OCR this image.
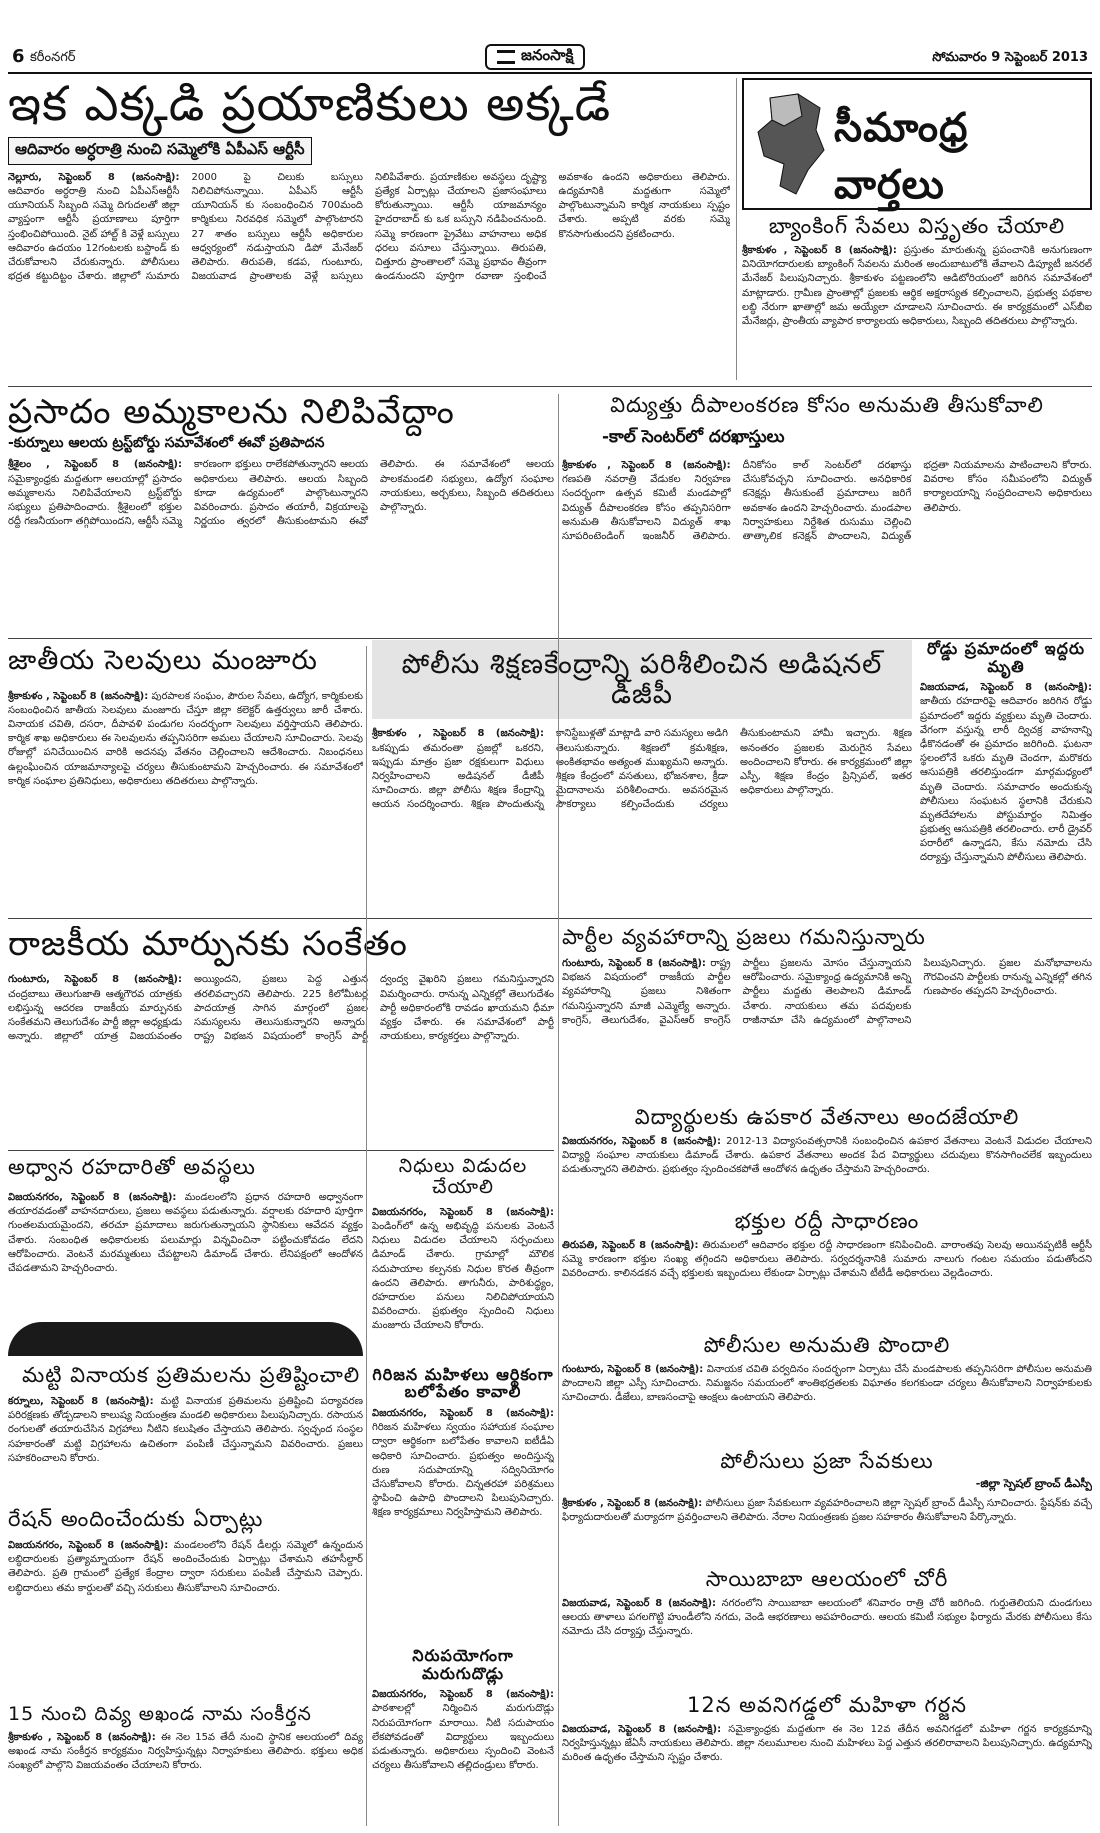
6 కరీంనగర్	జనంసాక్షి	సోమవారం 9 సెప్టెంబర్ 2013
ఇక ఎక్కడి ప్రయాణికులు అక్కడే
ఆదివారం అర్ధరాత్రి నుంచి సమ్మెలోకి ఏపీఎస్ ఆర్టీసీ
నెల్లూరు, సెప్టెంబర్ 8 (జనంసాక్షి): ఆదివారం అర్ధరాత్రి నుంచి ఏపీఎస్‌ఆర్టీసీ యూనియన్ సిబ్బంది సమ్మె దిగుదలతో జిల్లా వ్యాప్తంగా ఆర్టీసీ ప్రయాణాలు పూర్తిగా స్తంభించిపోయింది. నైట్ హాల్ట్ కి వెళ్లే బస్సులు ఆదివారం ఉదయం 12గంటలకు బస్టాండ్ కు చేరుకోవాలని చేరుకున్నారు. పోలీసులు భద్రత కట్టుదిట్టం చేశారు. జిల్లాలో సుమారు 2000 పై చిలుకు బస్సులు నిలిచిపోనున్నాయి. ఏపీఎస్ ఆర్టీసీ యూనియన్ కు సంబంధించిన 700మంది కార్మికులు నిరవధిక సమ్మెలో పాల్గొంటారని 27 శాతం బస్సులు ఆర్టీసీ అధికారుల ఆధ్వర్యంలో నడుస్తాయని డిపో మేనేజర్ తెలిపారు. తిరుపతి, కడప, గుంటూరు, విజయవాడ ప్రాంతాలకు వెళ్లే బస్సులు నిలిపివేశారు. ప్రయాణికుల అవస్థలు దృష్ట్యా ప్రత్యేక ఏర్పాట్లు చేయాలని ప్రజాసంఘాలు కోరుతున్నాయి. ఆర్టీసీ యాజమాన్యం హైదరాబాద్ కు ఒక బస్సుని నడిపించనుంది. సమ్మె కారణంగా ప్రైవేటు వాహనాలు అధిక ధరలు వసూలు చేస్తున్నాయి. తిరుపతి, చిత్తూరు ప్రాంతాలలో సమ్మె ప్రభావం తీవ్రంగా ఉండనుందని పూర్తిగా రవాణా స్తంభించే అవకాశం ఉందని అధికారులు తెలిపారు. ఉద్యమానికి మద్దతుగా సమ్మెలో పాల్గొంటున్నామని కార్మిక నాయకులు స్పష్టం చేశారు. అప్పటి వరకు సమ్మె కొనసాగుతుందని ప్రకటించారు.
సీమాంధ్ర వార్తలు
బ్యాంకింగ్ సేవలు విస్తృతం చేయాలి
శ్రీకాకుళం , సెప్టెంబర్ 8 (జనంసాక్షి): ప్రస్తుతం మారుతున్న ప్రపంచానికి అనుగుణంగా వినియోగదారులకు బ్యాంకింగ్ సేవలను మరింత అందుబాటులోకి తేవాలని డిప్యూటీ జనరల్ మేనేజర్ పిలుపునిచ్చారు. శ్రీకాకుళం పట్టణంలోని ఆడిటోరియంలో జరిగిన సమావేశంలో మాట్లాడారు. గ్రామీణ ప్రాంతాల్లో ప్రజలకు ఆర్థిక అక్షరాస్యత కల్పించాలని, ప్రభుత్వ పథకాల లబ్ధి నేరుగా ఖాతాల్లో జమ అయ్యేలా చూడాలని సూచించారు. ఈ కార్యక్రమంలో ఎస్‌బీఐ మేనేజర్లు, ప్రాంతీయ వ్యాపార కార్యాలయ అధికారులు, సిబ్బంది తదితరులు పాల్గొన్నారు.
ప్రసాదం అమ్మకాలను నిలిపివేద్దాం
-కుర్నూలు ఆలయ ట్రస్ట్‌బోర్డు సమావేశంలో ఈవో ప్రతిపాదన
శ్రీశైలం , సెప్టెంబర్ 8 (జనంసాక్షి): సమైక్యాంధ్రకు మద్దతుగా ఆలయాల్లో ప్రసాదం అమ్మకాలను నిలిపివేయాలని ట్రస్ట్‌బోర్డు సభ్యులు ప్రతిపాదించారు. శ్రీశైలంలో భక్తుల రద్దీ గణనీయంగా తగ్గిపోయిందని, ఆర్టీసీ సమ్మె కారణంగా భక్తులు రాలేకపోతున్నారని ఆలయ అధికారులు తెలిపారు. ఆలయ సిబ్బంది కూడా ఉద్యమంలో పాల్గొంటున్నారని వివరించారు. ప్రసాదం తయారీ, విక్రయాలపై నిర్ణయం త్వరలో తీసుకుంటామని ఈవో తెలిపారు. ఈ సమావేశంలో ఆలయ పాలకమండలి సభ్యులు, ఉద్యోగ సంఘాల నాయకులు, అర్చకులు, సిబ్బంది తదితరులు పాల్గొన్నారు.
విద్యుత్తు దీపాలంకరణ కోసం అనుమతి తీసుకోవాలి
-కాల్ సెంటర్‌లో దరఖాస్తులు
శ్రీకాకుళం , సెప్టెంబర్ 8 (జనంసాక్షి): గణపతి నవరాత్రి వేడుకల నిర్వహణ సందర్భంగా ఉత్సవ కమిటీ మండపాల్లో విద్యుత్ దీపాలంకరణ కోసం తప్పనిసరిగా అనుమతి తీసుకోవాలని విద్యుత్ శాఖ సూపరింటెండింగ్ ఇంజనీర్ తెలిపారు. దీనికోసం కాల్ సెంటర్‌లో దరఖాస్తు చేసుకోవచ్చని సూచించారు. అనధికారిక కనెక్షన్లు తీసుకుంటే ప్రమాదాలు జరిగే అవకాశం ఉందని హెచ్చరించారు. మండపాల నిర్వాహకులు నిర్దేశిత రుసుము చెల్లించి తాత్కాలిక కనెక్షన్ పొందాలని, విద్యుత్ భద్రతా నియమాలను పాటించాలని కోరారు. వివరాల కోసం సమీపంలోని విద్యుత్ కార్యాలయాన్ని సంప్రదించాలని అధికారులు తెలిపారు.
జాతీయ సెలవులు మంజూరు
శ్రీకాకుళం , సెప్టెంబర్ 8 (జనంసాక్షి): పురపాలక సంఘం, పౌరుల సేవలు, ఉద్యోగ, కార్మికులకు సంబంధించిన జాతీయ సెలవులు మంజూరు చేస్తూ జిల్లా కలెక్టర్ ఉత్తర్వులు జారీ చేశారు. వినాయక చవితి, దసరా, దీపావళి పండుగల సందర్భంగా సెలవులు వర్తిస్తాయని తెలిపారు. కార్మిక శాఖ అధికారులు ఈ సెలవులను తప్పనిసరిగా అమలు చేయాలని సూచించారు. సెలవు రోజుల్లో పనిచేయించిన వారికి అదనపు వేతనం చెల్లించాలని ఆదేశించారు. నిబంధనలు ఉల్లంఘించిన యాజమాన్యాలపై చర్యలు తీసుకుంటామని హెచ్చరించారు. ఈ సమావేశంలో కార్మిక సంఘాల ప్రతినిధులు, అధికారులు తదితరులు పాల్గొన్నారు.
పోలీసు శిక్షణకేంద్రాన్ని పరిశీలించిన అడిషనల్ డీజీపీ
శ్రీకాకుళం , సెప్టెంబర్ 8 (జనంసాక్షి): ఒకప్పుడు తమరంతా ప్రజల్లో ఒకరని, ఇప్పుడు మాత్రం ప్రజా రక్షకులుగా విధులు నిర్వహించాలని అడిషనల్ డీజీపీ సూచించారు. జిల్లా పోలీసు శిక్షణ కేంద్రాన్ని ఆయన సందర్శించారు. శిక్షణ పొందుతున్న కానిస్టేబుళ్లతో మాట్లాడి వారి సమస్యలు అడిగి తెలుసుకున్నారు. శిక్షణలో క్రమశిక్షణ, అంకితభావం అత్యంత ముఖ్యమని అన్నారు. శిక్షణ కేంద్రంలో వసతులు, భోజనశాల, క్రీడా మైదానాలను పరిశీలించారు. అవసరమైన సౌకర్యాలు కల్పించేందుకు చర్యలు తీసుకుంటామని హామీ ఇచ్చారు. శిక్షణ అనంతరం ప్రజలకు మెరుగైన సేవలు అందించాలని కోరారు. ఈ కార్యక్రమంలో జిల్లా ఎస్పీ, శిక్షణ కేంద్రం ప్రిన్సిపల్, ఇతర అధికారులు పాల్గొన్నారు.
రోడ్డు ప్రమాదంలో ఇద్దరు మృతి
విజయవాడ, సెప్టెంబర్ 8 (జనంసాక్షి): జాతీయ రహదారిపై ఆదివారం జరిగిన రోడ్డు ప్రమాదంలో ఇద్దరు వ్యక్తులు మృతి చెందారు. వేగంగా వస్తున్న లారీ ద్విచక్ర వాహనాన్ని ఢీకొనడంతో ఈ ప్రమాదం జరిగింది. ఘటనా స్థలంలోనే ఒకరు మృతి చెందగా, మరొకరు ఆసుపత్రికి తరలిస్తుండగా మార్గమధ్యంలో మృతి చెందారు. సమాచారం అందుకున్న పోలీసులు సంఘటన స్థలానికి చేరుకుని మృతదేహాలను పోస్టుమార్టం నిమిత్తం ప్రభుత్వ ఆసుపత్రికి తరలించారు. లారీ డ్రైవర్ పరారీలో ఉన్నాడని, కేసు నమోదు చేసి దర్యాప్తు చేస్తున్నామని పోలీసులు తెలిపారు.
రాజకీయ మార్పునకు సంకేతం
గుంటూరు, సెప్టెంబర్ 8 (జనంసాక్షి): చంద్రబాబు తెలుగుజాతి ఆత్మగౌరవ యాత్రకు లభిస్తున్న ఆదరణ రాజకీయ మార్పునకు సంకేతమని తెలుగుదేశం పార్టీ జిల్లా అధ్యక్షుడు అన్నారు. జిల్లాలో యాత్ర విజయవంతం అయ్యిందని, ప్రజలు పెద్ద ఎత్తున తరలివచ్చారని తెలిపారు. 225 కిలోమీటర్ల పాదయాత్ర సాగిన మార్గంలో ప్రజల సమస్యలను తెలుసుకున్నారని అన్నారు. రాష్ట్ర విభజన విషయంలో కాంగ్రెస్ పార్టీ ద్వంద్వ వైఖరిని ప్రజలు గమనిస్తున్నారని విమర్శించారు. రానున్న ఎన్నికల్లో తెలుగుదేశం పార్టీ అధికారంలోకి రావడం ఖాయమని ధీమా వ్యక్తం చేశారు. ఈ సమావేశంలో పార్టీ నాయకులు, కార్యకర్తలు పాల్గొన్నారు.
పార్టీల వ్యవహారాన్ని ప్రజలు గమనిస్తున్నారు
గుంటూరు, సెప్టెంబర్ 8 (జనంసాక్షి): రాష్ట్ర విభజన విషయంలో రాజకీయ పార్టీల వ్యవహారాన్ని ప్రజలు నిశితంగా గమనిస్తున్నారని మాజీ ఎమ్మెల్యే అన్నారు. కాంగ్రెస్, తెలుగుదేశం, వైఎస్‌ఆర్ కాంగ్రెస్ పార్టీలు ప్రజలను మోసం చేస్తున్నాయని ఆరోపించారు. సమైక్యాంధ్ర ఉద్యమానికి అన్ని పార్టీలు మద్దతు తెలపాలని డిమాండ్ చేశారు. నాయకులు తమ పదవులకు రాజీనామా చేసి ఉద్యమంలో పాల్గొనాలని పిలుపునిచ్చారు. ప్రజల మనోభావాలను గౌరవించని పార్టీలకు రానున్న ఎన్నికల్లో తగిన గుణపాఠం తప్పదని హెచ్చరించారు.
విద్యార్థులకు ఉపకార వేతనాలు అందజేయాలి
విజయనగరం, సెప్టెంబర్ 8 (జనంసాక్షి): 2012-13 విద్యాసంవత్సరానికి సంబంధించిన ఉపకార వేతనాలు వెంటనే విడుదల చేయాలని విద్యార్థి సంఘాల నాయకులు డిమాండ్ చేశారు. ఉపకార వేతనాలు అందక పేద విద్యార్థులు చదువులు కొనసాగించలేక ఇబ్బందులు పడుతున్నారని తెలిపారు. ప్రభుత్వం స్పందించకపోతే ఆందోళన ఉధృతం చేస్తామని హెచ్చరించారు.
అధ్వాన రహదారితో అవస్థలు
విజయనగరం, సెప్టెంబర్ 8 (జనంసాక్షి): మండలంలోని ప్రధాన రహదారి అధ్వానంగా తయారవడంతో వాహనదారులు, ప్రజలు అవస్థలు పడుతున్నారు. వర్షాలకు రహదారి పూర్తిగా గుంతలమయమైందని, తరచూ ప్రమాదాలు జరుగుతున్నాయని స్థానికులు ఆవేదన వ్యక్తం చేశారు. సంబంధిత అధికారులకు పలుమార్లు విన్నవించినా పట్టించుకోవడం లేదని ఆరోపించారు. వెంటనే మరమ్మతులు చేపట్టాలని డిమాండ్ చేశారు. లేనిపక్షంలో ఆందోళన చేపడతామని హెచ్చరించారు.
నిధులు విడుదల చేయాలి
విజయనగరం, సెప్టెంబర్ 8 (జనంసాక్షి): పెండింగ్‌లో ఉన్న అభివృద్ధి పనులకు వెంటనే నిధులు విడుదల చేయాలని సర్పంచులు డిమాండ్ చేశారు. గ్రామాల్లో మౌలిక సదుపాయాల కల్పనకు నిధుల కొరత తీవ్రంగా ఉందని తెలిపారు. తాగునీరు, పారిశుద్ధ్యం, రహదారుల పనులు నిలిచిపోయాయని వివరించారు. ప్రభుత్వం స్పందించి నిధులు మంజూరు చేయాలని కోరారు.
గిరిజన మహిళలు ఆర్థికంగా బలోపేతం కావాలి
విజయనగరం, సెప్టెంబర్ 8 (జనంసాక్షి): గిరిజన మహిళలు స్వయం సహాయక సంఘాల ద్వారా ఆర్థికంగా బలోపేతం కావాలని ఐటీడీఏ అధికారి సూచించారు. ప్రభుత్వం అందిస్తున్న రుణ సదుపాయాన్ని సద్వినియోగం చేసుకోవాలని కోరారు. చిన్నతరహా పరిశ్రమలు స్థాపించి ఉపాధి పొందాలని పిలుపునిచ్చారు. శిక్షణ కార్యక్రమాలు నిర్వహిస్తామని తెలిపారు.
నిరుపయోగంగా మరుగుదొడ్లు
విజయనగరం, సెప్టెంబర్ 8 (జనంసాక్షి): పాఠశాలల్లో నిర్మించిన మరుగుదొడ్లు నిరుపయోగంగా మారాయి. నీటి సదుపాయం లేకపోవడంతో విద్యార్థులు ఇబ్బందులు పడుతున్నారు. అధికారులు స్పందించి వెంటనే చర్యలు తీసుకోవాలని తల్లిదండ్రులు కోరారు.
మట్టి వినాయక ప్రతిమలను ప్రతిష్టించాలి
కర్నూలు, సెప్టెంబర్ 8 (జనంసాక్షి): మట్టి వినాయక ప్రతిమలను ప్రతిష్టించి పర్యావరణ పరిరక్షణకు తోడ్పడాలని కాలుష్య నియంత్రణ మండలి అధికారులు పిలుపునిచ్చారు. రసాయన రంగులతో తయారుచేసిన విగ్రహాలు నీటిని కలుషితం చేస్తాయని తెలిపారు. స్వచ్ఛంద సంస్థల సహకారంతో మట్టి విగ్రహాలను ఉచితంగా పంపిణీ చేస్తున్నామని వివరించారు. ప్రజలు సహకరించాలని కోరారు.
రేషన్ అందించేందుకు ఏర్పాట్లు
విజయనగరం, సెప్టెంబర్ 8 (జనంసాక్షి): మండలంలోని రేషన్ డీలర్లు సమ్మెలో ఉన్నందున లబ్ధిదారులకు ప్రత్యామ్నాయంగా రేషన్ అందించేందుకు ఏర్పాట్లు చేశామని తహసీల్దార్ తెలిపారు. ప్రతి గ్రామంలో ప్రత్యేక కేంద్రాల ద్వారా సరుకులు పంపిణీ చేస్తామని చెప్పారు. లబ్ధిదారులు తమ కార్డులతో వచ్చి సరుకులు తీసుకోవాలని సూచించారు.
15 నుంచి దివ్య అఖండ నామ సంకీర్తన
శ్రీకాకుళం , సెప్టెంబర్ 8 (జనంసాక్షి): ఈ నెల 15వ తేదీ నుంచి స్థానిక ఆలయంలో దివ్య అఖండ నామ సంకీర్తన కార్యక్రమం నిర్వహిస్తున్నట్లు నిర్వాహకులు తెలిపారు. భక్తులు అధిక సంఖ్యలో పాల్గొని విజయవంతం చేయాలని కోరారు.
భక్తుల రద్దీ సాధారణం
తిరుపతి, సెప్టెంబర్ 8 (జనంసాక్షి): తిరుమలలో ఆదివారం భక్తుల రద్దీ సాధారణంగా కనిపించింది. వారాంతపు సెలవు అయినప్పటికీ ఆర్టీసీ సమ్మె కారణంగా భక్తుల సంఖ్య తగ్గిందని అధికారులు తెలిపారు. సర్వదర్శనానికి సుమారు నాలుగు గంటల సమయం పడుతోందని వివరించారు. కాలినడకన వచ్చే భక్తులకు ఇబ్బందులు లేకుండా ఏర్పాట్లు చేశామని టీటీడీ అధికారులు వెల్లడించారు.
పోలీసుల అనుమతి పొందాలి
గుంటూరు, సెప్టెంబర్ 8 (జనంసాక్షి): వినాయక చవితి పర్వదినం సందర్భంగా ఏర్పాటు చేసే మండపాలకు తప్పనిసరిగా పోలీసుల అనుమతి పొందాలని జిల్లా ఎస్పీ సూచించారు. నిమజ్జనం సమయంలో శాంతిభద్రతలకు విఘాతం కలగకుండా చర్యలు తీసుకోవాలని నిర్వాహకులకు సూచించారు. డీజేలు, బాణసంచాపై ఆంక్షలు ఉంటాయని తెలిపారు.
పోలీసులు ప్రజా సేవకులు
-జిల్లా స్పెషల్ బ్రాంచ్ డీఎస్పీ
శ్రీకాకుళం , సెప్టెంబర్ 8 (జనంసాక్షి): పోలీసులు ప్రజా సేవకులుగా వ్యవహరించాలని జిల్లా స్పెషల్ బ్రాంచ్ డీఎస్పీ సూచించారు. స్టేషన్‌కు వచ్చే ఫిర్యాదుదారులతో మర్యాదగా ప్రవర్తించాలని తెలిపారు. నేరాల నియంత్రణకు ప్రజల సహకారం తీసుకోవాలని పేర్కొన్నారు.
సాయిబాబా ఆలయంలో చోరీ
విజయవాడ, సెప్టెంబర్ 8 (జనంసాక్షి): నగరంలోని సాయిబాబా ఆలయంలో శనివారం రాత్రి చోరీ జరిగింది. గుర్తుతెలియని దుండగులు ఆలయ తాళాలు పగలగొట్టి హుండీలోని నగదు, వెండి ఆభరణాలు అపహరించారు. ఆలయ కమిటీ సభ్యుల ఫిర్యాదు మేరకు పోలీసులు కేసు నమోదు చేసి దర్యాప్తు చేస్తున్నారు.
12న అవనిగడ్డలో మహిళా గర్జన
విజయవాడ, సెప్టెంబర్ 8 (జనంసాక్షి): సమైక్యాంధ్రకు మద్దతుగా ఈ నెల 12వ తేదీన అవనిగడ్డలో మహిళా గర్జన కార్యక్రమాన్ని నిర్వహిస్తున్నట్లు జేఏసీ నాయకులు తెలిపారు. జిల్లా నలుమూలల నుంచి మహిళలు పెద్ద ఎత్తున తరలిరావాలని పిలుపునిచ్చారు. ఉద్యమాన్ని మరింత ఉధృతం చేస్తామని స్పష్టం చేశారు.
